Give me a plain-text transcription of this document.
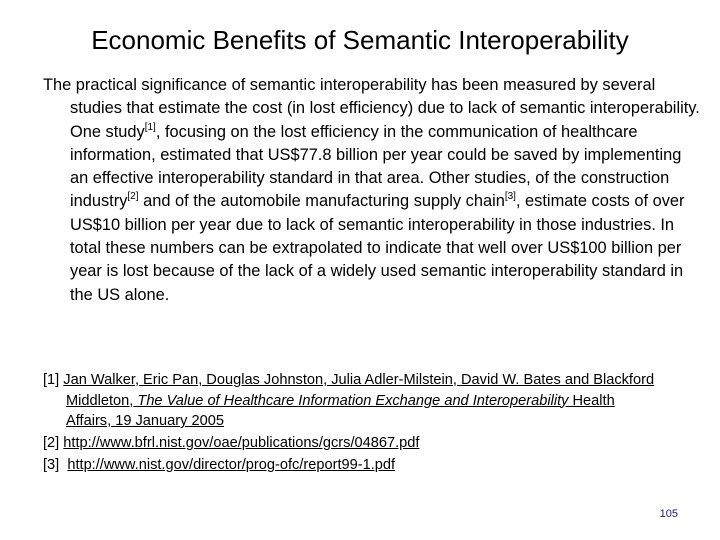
Economic Benefits of Semantic Interoperability
The practical significance of semantic interoperability has been measured by several studies that estimate the cost (in lost efficiency) due to lack of semantic interoperability. One study[1], focusing on the lost efficiency in the communication of healthcare information, estimated that US$77.8 billion per year could be saved by implementing an effective interoperability standard in that area. Other studies, of the construction industry[2] and of the automobile manufacturing supply chain[3], estimate costs of over US$10 billion per year due to lack of semantic interoperability in those industries. In total these numbers can be extrapolated to indicate that well over US$100 billion per year is lost because of the lack of a widely used semantic interoperability standard in the US alone.
[1] Jan Walker, Eric Pan, Douglas Johnston, Julia Adler-Milstein, David W. Bates and Blackford Middleton, The Value of Healthcare Information Exchange and Interoperability Health Affairs, 19 January 2005
[2] http://www.bfrl.nist.gov/oae/publications/gcrs/04867.pdf
[3] http://www.nist.gov/director/prog-ofc/report99-1.pdf
105
